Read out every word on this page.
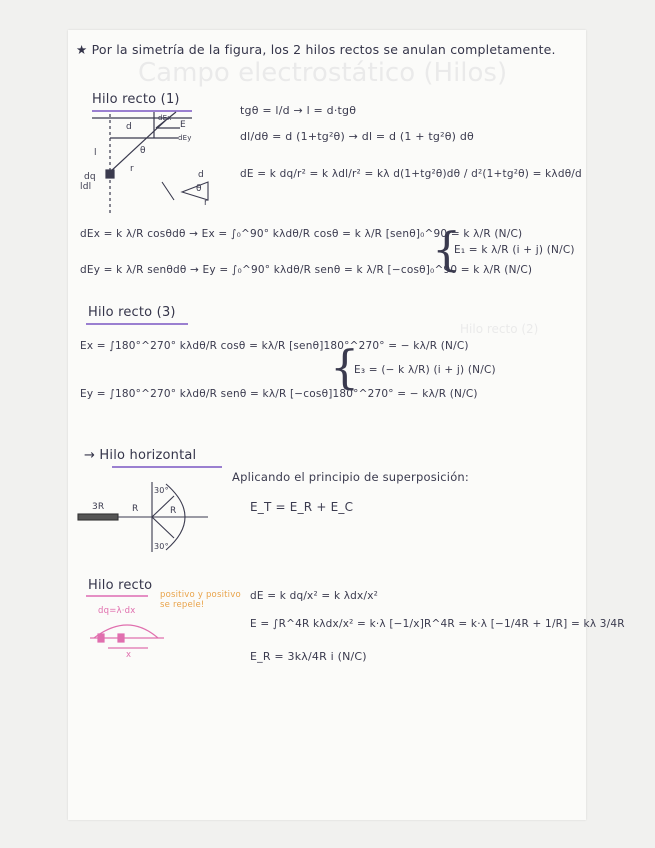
Campo electrostático (Hilos)
Hilo recto (2)
★ Por la simetría de la figura, los 2 hilos rectos se anulan completamente.
Hilo recto (1)
d
l	θ
r
dq
ldl
dEx
dEy
E
d
θ
r
tgθ = l/d → l = d·tgθ
dl/dθ = d (1+tg²θ) → dl = d (1 + tg²θ) dθ
dE = k dq/r² = k λdl/r² = kλ d(1+tg²θ)dθ / d²(1+tg²θ) = kλdθ/d
dEx = k λ/R cosθdθ → Ex = ∫₀^90° kλdθ/R cosθ = k λ/R [senθ]₀^90 = k λ/R (N/C)
dEy = k λ/R senθdθ → Ey = ∫₀^90° kλdθ/R senθ = k λ/R [−cosθ]₀^90 = k λ/R (N/C)
{
E₁ = k λ/R (i + j) (N/C)
Hilo recto (3)
Ex = ∫180°^270° kλdθ/R cosθ = kλ/R [senθ]180°^270° = − kλ/R (N/C)
Ey = ∫180°^270° kλdθ/R senθ = kλ/R [−cosθ]180°^270° = − kλ/R (N/C)
{
E₃ = (− k λ/R) (i + j) (N/C)
→ Hilo horizontal
3R	R	R
30°
30°
Aplicando el principio de superposición:
E_T = E_R + E_C
Hilo recto
positivo y positivo se repele!
dq=λ·dx
x
dE = k dq/x² = k λdx/x²
E = ∫R^4R kλdx/x² = k·λ [−1/x]R^4R = k·λ [−1/4R + 1/R] = kλ 3/4R
E_R = 3kλ/4R i (N/C)
